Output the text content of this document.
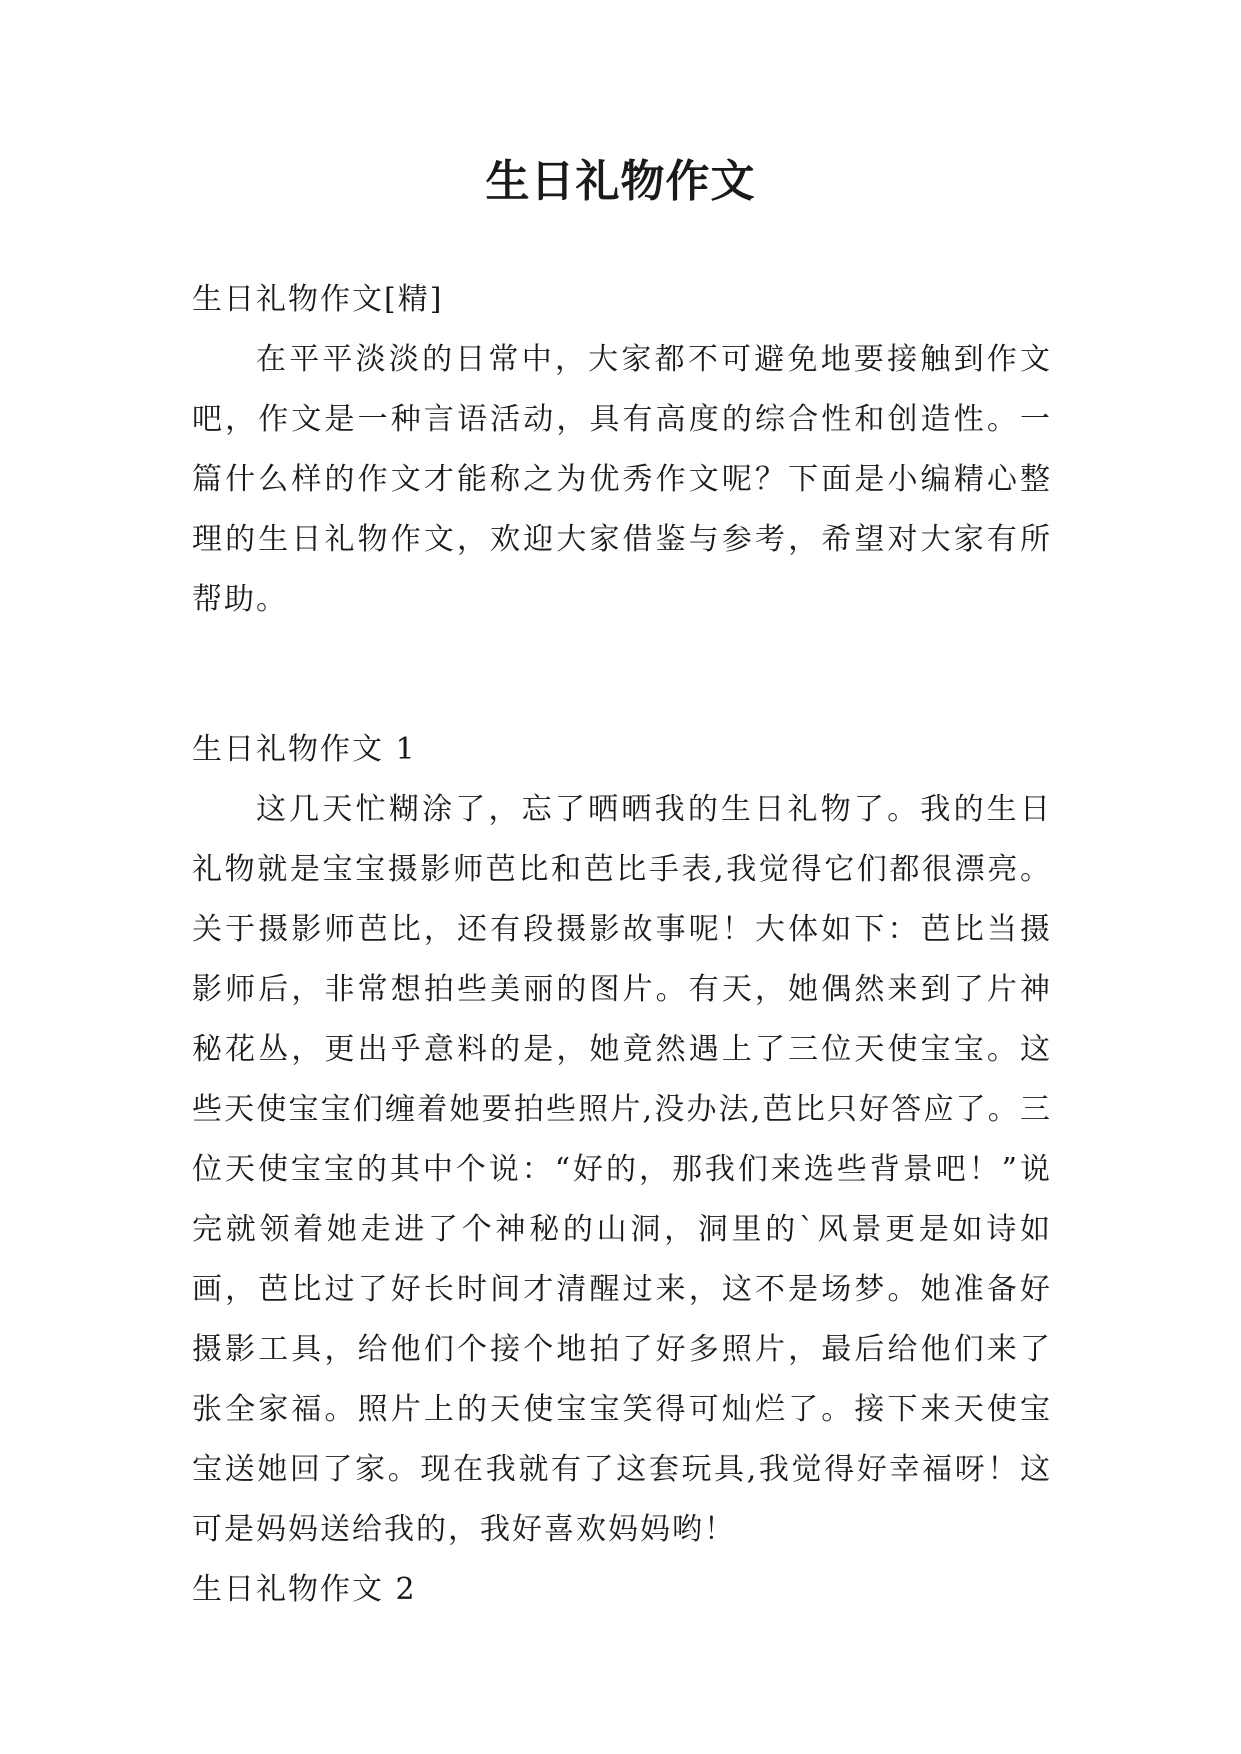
生日礼物作文

生日礼物作文[精]

在平平淡淡的日常中，大家都不可避免地要接触到作文吧，作文是一种言语活动，具有高度的综合性和创造性。一篇什么样的作文才能称之为优秀作文呢？下面是小编精心整理的生日礼物作文，欢迎大家借鉴与参考，希望对大家有所帮助。

生日礼物作文 1

这几天忙糊涂了，忘了晒晒我的生日礼物了。我的生日礼物就是宝宝摄影师芭比和芭比手表,我觉得它们都很漂亮。关于摄影师芭比，还有段摄影故事呢！大体如下：芭比当摄影师后，非常想拍些美丽的图片。有天，她偶然来到了片神秘花丛，更出乎意料的是，她竟然遇上了三位天使宝宝。这些天使宝宝们缠着她要拍些照片,没办法,芭比只好答应了。三位天使宝宝的其中个说：“好的，那我们来选些背景吧！”说完就领着她走进了个神秘的山洞，洞里的`风景更是如诗如画，芭比过了好长时间才清醒过来，这不是场梦。她准备好摄影工具，给他们个接个地拍了好多照片，最后给他们来了张全家福。照片上的天使宝宝笑得可灿烂了。接下来天使宝宝送她回了家。现在我就有了这套玩具,我觉得好幸福呀！这可是妈妈送给我的，我好喜欢妈妈哟！

生日礼物作文 2
